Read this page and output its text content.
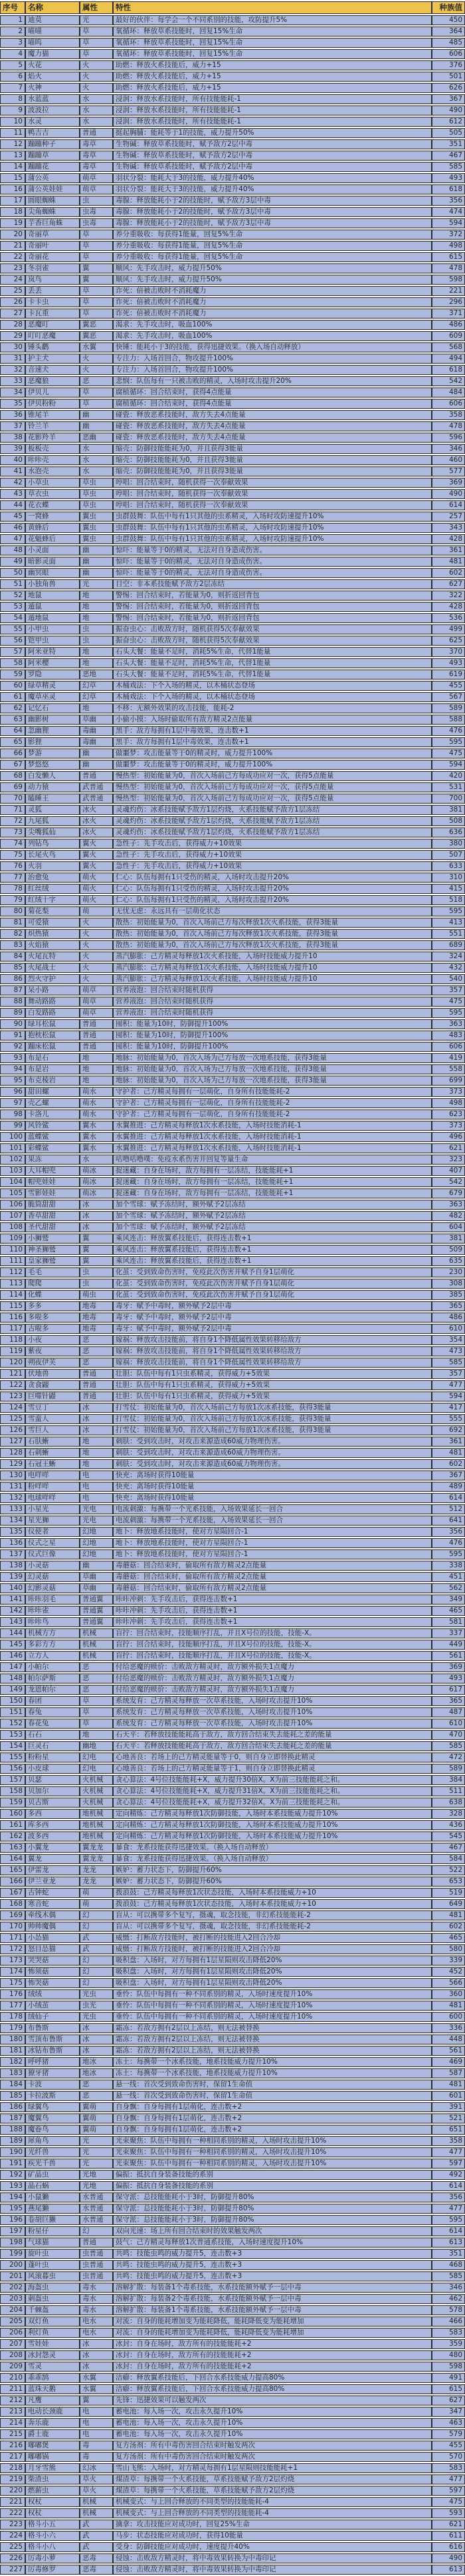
序号	名称	属性	特性	种族值
1	迪莫	光	最好的伙伴：每学会一个不同系别的技能，攻防提升5%	450
2	喵喵	草	氧循环：释放草系技能时，回复15%生命	364
3	喵呜	草	氧循环：释放草系技能时，回复15%生命	485
4	魔力猫	草	氧循环：释放草系技能时，回复15%生命	606
5	火花	火	助燃：释放火系技能后，威力+15	376
6	焰火	火	助燃：释放火系技能后，威力+15	501
7	火神	火	助燃：释放火系技能后，威力+15	626
8	水蓝蓝	水	浸润：释放水系技能时，所有技能能耗-1	367
9	波波拉	水	浸润：释放水系技能时，所有技能能耗-1	490
10	水灵	水	浸润：释放水系技能时，所有技能能耗-1	612
11	鸭吉吉	普通	挺起胸脯：能耗等于1的技能，威力提升50%	505
12	蹦蹦种子	毒草	生物碱：释放草系技能时，赋予敌方2层中毒	351
13	蹦蹦草	毒草	生物碱：释放草系技能时，赋予敌方2层中毒	467
14	蹦蹦花	毒草	生物碱：释放草系技能时，赋予敌方2层中毒	585
15	蒲公英	萌草	羽状分裂：能耗大于3的技能，威力提升40%	493
16	蒲公英娃娃	萌草	羽状分裂：能耗大于3的技能，威力提升40%	618
17	圆眼蜘蛛	虫	毒腺：释放能耗小于2的技能时，赋予敌方3层中毒	356
18	尖角蜘蛛	虫毒	毒腺：释放能耗小于2的技能时，赋予敌方3层中毒	474
19	芋香巨角蛛	虫毒	毒腺：释放能耗小于2的技能时，赋予敌方3层中毒	594
20	奇丽草	草	养分重吸收：每获得1能量，回复5%生命	372
21	奇丽叶	草	养分重吸收：每获得1能量，回复5%生命	498
22	奇丽花	草	养分重吸收：每获得1能量，回复5%生命	615
23	冬羽雀	翼	顺风：先手攻击时，威力提升50%	478
24	岚鸟	翼	顺风：先手攻击时，威力提升50%	598
25	丢丢	草	诈死：倍被击败时不消耗魔力	221
26	卡卡虫	草	诈死：倍被击败时不消耗魔力	296
27	卡瓦重	草	诈死：倍被击败时不消耗魔力	371
28	恶魔叮	翼恶	渴求：先手攻击时，吸血100%	486
29	叮叮恶魔	翼恶	渴求：先手攻击时，吸血100%	609
30	锤头鹳	水翼	快锤：能耗小于3的技能，获得迅捷效果。（换入场自动释放）	568
31	护主犬	火	专注力：入场首回合，物攻提升100%	494
32	音速犬	火	专注力：入场首回合，物攻提升100%	618
33	恶魔狼	恶	悲悯：队伍每有一只被击败的精灵，入场时攻击提升20%	542
34	伊贝儿	草	腐植循环：回合结束时，获得4点能量	484
35	伊贝粉粉	草	腐植循环：回合结束时，获得4点能量	606
36	锥尾羊	幽	碰瓷：释放恶系技能时，敌方失去4点能量	358
37	铃兰羊	幽	碰瓷：释放恶系技能时，敌方失去4点能量	478
38	花影羚羊	恶幽	碰瓷：释放恶系技能时，敌方失去4点能量	596
39	板板壳	水	缩壳：防御技能能耗为0，并且获得3能量	346
40	咔咔壳	水	缩壳：防御技能能耗为0，并且获得3能量	460
41	水泡壳	水	缩壳：防御技能能耗为0，并且获得3能量	577
42	小草虫	草虫	哼唱：回合结束时，随机获得一次奉献效果	369
43	草衣虫	草虫	哼唱：回合结束时，随机获得一次奉献效果	490
44	花衣蝶	草虫	哼唱：回合结束时，随机获得一次奉献效果	614
45	一窝蜂	翼虫	虫群鼓舞：队伍中每有1只其他的虫系精灵，入场时攻防速提升10%	257
46	黄蜂后	翼虫	虫群鼓舞：队伍中每有1只其他的虫系精灵，入场时攻防速提升10%	343
47	花魁蜂后	翼虫	虫群鼓舞：队伍中每有1只其他的虫系精灵，入场时攻防速提升10%	428
48	小灵面	幽	惊吓：能量等于0的精灵，无法对自身造成伤害。	361
49	暗影灵面	幽	惊吓：能量等于0的精灵，无法对自身造成伤害。	481
50	幽冥眼	幽	惊吓：能量等于0的精灵，无法对自身造成伤害。	602
51	小独角兽	光	目空：非本系技能赋予敌方2层冻结	627
52	地鼠	地	警惕：回合结束时，若能量为0，则折返回背包	322
53	遁鼠	地	警惕：回合结束时，若能量为0，则折返回背包	428
54	遁地鼠	地	警惕：回合结束时，若能量为0，则折返回背包	536
55	小甲虫	虫	振奋虫心：击败敌方时，随机获得5次奉献效果	499
56	铠甲虫	虫	振奋虫心：击败敌方时，随机获得5次奉献效果	625
57	阿米亚特	地	石头大餐：能量不足时，消耗5%生命，代替1能量	370
58	阿米樱	地	石头大餐：能量不足时，消耗5%生命，代替1能量	493
59	罗隐	恶地	石头大餐：能量不足时，消耗5%生命，代替1能量	619
60	绿草精灵	幻草	木桶戏法：下个入场的精灵，以木桶状态登场	455
61	魔草巫灵	幻草	木桶戏法：下个入场的精灵，以木桶状态登场	567
62	记忆石	地	不移：无额外效果的攻击技能，能耗-2	589
63	幽影树	草幽	小偷小摸：入场时偷取所有敌方精灵2点能量	588
64	忽幽狸	毒幽	黑手：敌方每拥有1层中毒效果，连击数+1	476
65	影狸	毒幽	黑手：敌方每拥有1层中毒效果，连击数+1	595
66	梦游	幽	做噩梦：攻击能量等于0的精灵时，威力提升100%	475
67	梦悠悠	幽	做噩梦：攻击能量等于0的精灵时，威力提升100%	594
68	白发懒人	普通	慢热型：初始能量为0，首次入场前己方每成功应对一次，获得5点能量	420
69	动力猿	武普通	慢热型：初始能量为0，首次入场前己方每成功应对一次，获得5点能量	531
70	瞌睡王	武普通	慢热型：初始能量为0，首次入场前己方每成功应对一次，获得5点能量	700
71	灵狐	冰火	灵魂灼伤：冰系技能赋予敌方1层灼烧，火系技能赋予敌方1层冻结	381
72	九尾狐	冰火	灵魂灼伤：冰系技能赋予敌方1层灼烧，火系技能赋予敌方1层冻结	508
73	尖嘴狐仙	冰火	灵魂灼伤：冰系技能赋予敌方1层灼烧，火系技能赋予敌方1层冻结	636
74	列钻鸟	翼火	急性子：先手攻击后，获得威力+10效果	380
75	长尾火鸟	翼火	急性子：先手攻击后，获得威力+10效果	507
76	火羽	翼火	急性子：先手攻击后，获得威力+10效果	633
77	治愈兔	萌火	仁心：队伍每拥有1只受伤的精灵，入场时攻击提升20%	310
78	红丝绒	萌火	仁心：队伍每拥有1只受伤的精灵，入场时攻击提升20%	415
79	红绒十字	萌火	仁心：队伍每拥有1只受伤的精灵，入场时攻击提升20%	518
80	菊花梨	萌	无忧无虑：永远具有一层萌化状态	595
81	可爱猿	火	散热：初始能量为0，首次入场前己方每次释放1次火系技能，获得3能量	413
82	炽热猿	火	散热：初始能量为0，首次入场前己方每次释放1次火系技能，获得3能量	551
83	火焰猿	火	散热：初始能量为0，首次入场前己方每次释放1次火系技能，获得3能量	689
84	火尾瓦特	火	蒸汽膨胀：己方精灵每释放1次火系技能，入场时技能威力提升10	324
85	火尾战士	火	蒸汽膨胀：己方精灵每释放1次火系技能，入场时技能威力提升10	432
86	烈火守护	火	蒸汽膨胀：己方精灵每释放1次火系技能，入场时技能威力提升10	540
87	呆小路	萌草	营养液泡：回合结束时随机获得	357
88	舞动路路	萌草	营养液泡：回合结束时随机获得	475
89	白发路路	萌草	营养液泡：回合结束时随机获得	595
90	绿耳松鼠	普通	囤积：能量为10时，防御提升100%	363
91	抱枕松鼠	普通	囤积：能量为10时，防御提升100%	483
92	蹦床松鼠	普通	囤积：能量为10时，防御提升100%	606
93	布是石	地	地脉：初始能量为0，首次入场为己方每放一次地系技能，获得3能量	419
94	布是岩	地	地脉：初始能量为0，首次入场为己方每放一次地系技能，获得3能量	558
95	布克棱岩	地	地脉：初始能量为0，首次入场为己方每放一次地系技能，获得3能量	699
96	甜田螺	萌水	守护者：己方精灵每拥有一层萌化，自身所有技能能耗-2	373
97	壳乙螺	萌水	守护者：己方精灵每拥有一层萌化，自身所有技能能耗-2	498
98	卡洛儿	萌水	守护者：己方精灵每拥有一层萌化，自身所有技能能耗-2	623
99	风铃鲨	翼水	水翼推进：己方精灵每释放1次水系技能，入场时技能消耗-1	373
100	蓝蝶鲨	翼水	水翼推进：己方精灵每释放1次水系技能，入场时技能消耗-1	496
101	彩蝶鲨	翼水	水翼推进：己方精灵每释放1次水系技能，入场时技能消耗-1	621
102	果冻	水	咕噜咕噜噗：免疫水系伤害并回复等量生命	323
103	大耳帽兜	萌冰	捉迷藏：自身在场时，敌方每拥有一层冻结，技能能耗+1	407
104	帽兜娃娃	萌冰	捉迷藏：自身在场时，敌方每拥有一层冻结，技能能耗+1	542
105	雪影娃娃	萌冰	捉迷藏：自身在场时，敌方每拥有一层冻结，技能能耗+1	679
106	脆筒甜甜	冰	加个雪球：赋予冻结时，额外赋予2层冻结	363
107	香草甜甜	冰	加个雪球：赋予冻结时，额外赋予2层冻结	482
108	圣代甜甜	冰	加个雪球：赋予冻结时，额外赋予2层冻结	604
109	小狮鹫	翼	乘风连击：释放翼系技能后，获得连击数+1	381
110	神圣狮鹫	翼	乘风连击：释放翼系技能后，获得连击数+1	509
111	皇家狮鹫	翼	乘风连击：释放翼系技能后，获得连击数+1	635
112	毛毛	虫	化茧：受到致命伤害时，免疫此次伤害并赋予自身1层萌化	230
113	爬爬	虫	化茧：受到致命伤害时，免疫此次伤害并赋予自身1层萌化	308
114	化蝶	萌虫	化茧：受到致命伤害时，免疫此次伤害并赋予自身1层萌化	385
115	多多	地毒	毒牙：赋予中毒时，额外赋予2层中毒	365
116	多啦多	地毒	毒牙：赋予中毒时，额外赋予2层中毒	486
117	古啦多	地毒	毒牙：赋予中毒时，额外赋予2层中毒	610
118	小夜	恶	嫁祸：释放攻击技能前，将自身1个降低属性效果转移给敌方	354
119	紫夜	恶	嫁祸：释放攻击技能前，将自身1个降低属性效果转移给敌方	473
120	朔夜伊芙	恶	嫁祸：释放攻击技能前，将自身1个降低属性效果转移给敌方	585
121	伏地兽	普通	壮胆：队伍中每有1只虫系精灵，获得威力+5效果	357
122	贪食鼹	普通	壮胆：队伍中每有1只虫系精灵，获得威力+5效果	477
123	巨噬针鼹	普通	壮胆：队伍中每有1只虫系精灵，获得威力+5效果	594
124	雪豆丁	冰	打雪仗：初始能量为0，首次入场前己方每放1次冰系技能，获得3能量	417
125	雪蛮人	冰	打雪仗：初始能量为0，首次入场前己方每放1次冰系技能，获得3能量	555
126	雪巨人	冰	打雪仗：初始能量为0，首次入场前己方每放1次冰系技能，获得3能量	692
127	石肤蜥	地	刺肤：受到攻击时，对攻击来源造成60威力物理伤害。	361
128	石刺蜥	地	刺肤：受到攻击时，对攻击来源造成60威力物理伤害。	481
129	石冠王蜥	地	刺肤：受到攻击时，对攻击来源造成60威力物理伤害。	602
130	电咩咩	电	快充：离场时获得10能量	367
131	粉咩咩	电	快充：离场时获得10能量	489
132	电球咩咩	电	快充：离场时获得10能量	614
133	小星光	光电	电流刺激：每携带一个光系技能，入场效果延长一回合	512
134	星光狮	光电	电流刺激：每携带一个光系技能，入场效果延长一回合	641
135	仪使者	幻地	地卜：释放地系技能时，使对方星陨回合-1	356
136	仪式之星	幻地	地卜：释放地系技能时，使对方星陨回合-1	476
137	仪式巨像	幻地	地卜：释放地系技能时，使对方星陨回合-1	595
138	小灵菇	幽	毒蘑菇：回合结束时，偷取所有敌方精灵2点能量	338
139	幻灵菇	草幽	毒蘑菇：回合结束时，偷取所有敌方精灵2点能量	451
140	幻影灵菇	草幽	毒蘑菇：回合结束时，偷取所有敌方精灵2点能量	562
141	咔咔羽毛	普通翼	咔咔冲刺：先手攻击后，获得连击数+1	349
142	咔咔雀	普通翼	咔咔冲刺：先手攻击后，获得连击数+1	465
143	咔咔鸟	普通翼	咔咔冲刺：先手攻击后，获得连击数+1	581
144	机械方方	机械	盲拧：回合结束时，技能顺序打乱，并且X号位的技能，技能-X。	337
145	多彩方方	机械	盲拧：回合结束时，技能顺序打乱，并且X号位的技能，技能-X。	449
146	立方人	机械	盲拧：回合结束时，技能顺序打乱，并且X号位的技能，技能-X。	561
147	小帕尔	恶	付给恶魔的赎价：击败敌方精灵时，敌方额外损失1点魔力	369
148	帕尔萨斯	恶	付给恶魔的赎价：击败敌方精灵时，敌方额外损失1点魔力	493
149	龙恩帕尔	恶	付给恶魔的赎价：击败敌方精灵时，敌方额外损失1点魔力	617
150	春团	草	系统发育：己方精灵每释放一次草系技能，入场时攻击提升10%	365
151	春兔	草	系统发育：己方精灵每释放一次草系技能，入场时攻击提升10%	487
152	春花兔	草	系统发育：己方精灵每释放一次草系技能，入场时攻击提升10%	610
153	石石	地	石天平：若释放技能能耗高于敌方，敌方回合结束失去能耗之差的能量	470
154	巨灵石	幽地	石天平：若释放技能能耗高于敌方，敌方回合结束失去能耗之差的能量	585
155	粉粉星	幻电	心地善良：若场上的己方精灵能量等于0，则自身立即替换此精灵	472
156	小皮球	幻电	心地善良：若场上的己方精灵能量等于1，则自身立即替换此精灵	589
157	贝瑟	火机械	贪心算法：4号位技能能耗+X，威力提升30倍X。X为前三技能能耗之和。	384
158	贝加尔	火机械	贪心算法：4号位技能能耗+X，威力提升31倍X。X为前三技能能耗之和。	511
159	贝古斯	火机械	贪心算法：4号位技能能耗+X，威力提升32倍X。X为前三技能能耗之和。	638
160	多西	地机械	定向精炼：己方精灵每释放1次防御技能，入场时本系技能威力提升10%	328
161	库多西	地机械	定向精炼：己方精灵每释放1次防御技能，入场时本系技能威力提升10%	436
162	波多西	地机械	定向精炼：己方精灵每释放1次防御技能，入场时本系技能威力提升10%	545
163	小翼龙	翼龙龙	暴食：龙系技能获得迅捷效果。（换入场自动释放）	467
164	翼龙	翼龙龙	暴食：龙系技能获得迅捷效果。（换入场自动释放）	584
165	伊雷龙	龙龙	嫉妒：蓄力状态下，防御提升60%	522
166	伊兰亚龙	龙龙	嫉妒：蓄力状态下，防御提升60%	653
167	古钟蛇	萌	拨浪鼓：己方精灵每释放1次状态技能，入场时本系技能威力+10	519
168	寒音蛇	萌	拨浪鼓：己方精灵每释放1次状态技能，入场时本系技能威力+10	649
169	牵线木偶	幻	盲从：可以携带多个复写，摄魂，取念技能，非幻系技能能耗-2	481
170	帅帅魔偶	幻	盲从：可以携带多个复写，摄魂，取念技能，非幻系技能能耗-2	602
171	小怂猫	武	威慑：打断敌方技能时，被打断的技能进入2回合冷却	465
172	怒目怂猫	武	威慑：打断敌方技能时，被打断的技能进入2回合冷却	580
173	哭哭菇	幻	吸积盘：入场时，对方每拥有1层星陨则攻击降低20%	339
174	怖须菇	幻	吸积盘：入场时，对方每拥有1层星陨则攻击降低20%	452
175	怖哭菇	幻	吸积盘：入场时，对方每拥有1层星陨则攻击降低20%	566
176	绒绒	光虫	垂怜：队伍中每拥有一种不同系别的精灵，入场时速度提升10%	360
177	小绒茧	虫光	垂怜：队伍中每拥有一种不同系别的精灵，入场时速度提升10%	481
178	绒仙子	光虫	垂怜：队伍中每拥有一种不同系别的精灵，入场时速度提升10%	600
179	布鲁斯	冰	霜冻：若敌方拥有2层以上冻结，则无法被替换	336
180	雪顶布鲁斯	冰	霜冻：若敌方拥有2层以上冻结，则无法被替换	448
181	冰钻布鲁斯	冰	霜冻：若敌方拥有2层以上冻结，则无法被替换	561
182	呼呼猪	地冰	冻土：每携带一个冰系技能，地系技能威力提升10%	469
183	獠牙猪	地冰	冻土：每携带一个冰系技能，地系技能威力提升10%	587
184	卡波	恶	悬一线：首次受到致命伤害时，保留1生命值	481
185	卡拉波斯	恶	悬一线：首次受到致命伤害时，保留1生命值	601
186	绿翼鸟	翼萌	自身飘：自身每拥有1层萌化，连击数+2	391
187	魔翼鸟	翼萌	自身飘：自身每拥有1层萌化，连击数+2	521
188	魔眷鸟	翼萌	自身飘：自身每拥有1层萌化，连击数+2	651
189	犀角鸟	光	光束聚焦：队伍中每拥有一种相同系别的精灵，入场时攻击提升10%	358
190	光纤兽	光	光束聚焦：队伍中每拥有一种相同系别的精灵，入场时攻击提升10%	477
191	疾光千兽	光	光束聚焦：队伍中每拥有一种相同系别的精灵，入场时攻击提升10%	597
192	矿晶虫	光地	偏振：抵抗自身装备技能的系别	492
193	晶石蜗	光地	偏振：抵抗自身装备技能的系别	614
194	小鼠獭	水普通	保守派：总技能能耗小于3时，防御提升80%	356
195	燕尾獭	水普通	保守派：总技能能耗小于3时，防御提升80%	477
196	卷胡巨獭	水普通	保守派：总技能能耗小于3时，防御提升80%	595
197	粉星仔	幻	双向光速：场上所有回合结束时的效果触发两次	614
198	气球猫	普通	鼓气：己方精灵每释放1次普通系技能，入场时速度提升10%	613
199	旋叶虫	虫普通	共鸣：技能虫鸣的威力提升5，连击数+3	351
200	蓬叶虫	虫普通	共鸣：技能虫鸣的威力提升5，连击数+3	468
201	风滚暮虫	虫普通	共鸣：技能虫鸣的威力提升5，连击数+3	585
202	海盔虫	毒水	溶解扩散：每装备1个毒系技能，水系技能额外赋予一层中毒	346
203	刺盔虫	毒水	溶解扩散：每装备2个毒系技能，水系技能额外赋予一层中毒	462
204	千棘盔	毒水	溶解扩散：每装备1个毒系技能，水系技能额外赋予一层中毒	578
205	双灯鱼	电水	对流：自身的能耗增加变为能耗降低，能耗降低变为能耗增加	466
206	利灯鱼	电水	对流：自身的能耗增加变为能耗降低，能耗降低变为能耗增加	583
207	雪娃娃	冰	冰封：自身在场时，敌方所有的技能能耗+2	359
208	冰封怨灵	冰	冰封：自身在场时，敌方所有的技能能耗+2	480
209	雪灵	冰	冰封：自身在场时，敌方所有的技能能耗+2	598
210	乖乖鹄	水翼	洁癖：释放翼系技能后，下回合水系技能威力提高80%	491
211	蓝珠天鹅	水翼	洁癖：释放翼系技能后，下回合水系技能威力提高80%	615
212	凡鹰	翼	先锋：迅捷效果可以触发两次	627
213	电动长颈鹿	电	蓄电池：每入场一次，攻击永久提升10%	347
214	奔乐鹿	电	蓄电池：每入场一次，攻击永久提升10%	463
215	爵士鹿	电	蓄电池：每入场一次，攻击永久提升10%	579
216	嘟嘟煲	毒	复方汤剂：所有中毒伤害回合结束时触发两次	455
217	嘟嘟锅	毒	复方汤剂：所有中毒伤害回合结束时触发两次	570
218	月牙雪熊	幻冰	雪山飞熊：入场时，对方精灵每拥有1层星陨则技能能耗+1	583
219	柴渣虫	草火	煤渣草：每携带一个火系技能，草系技能赋予敌方2层灼烧	477
220	燃薪虫	草火	煤渣草：每携带一个火系技能，草系技能赋予敌方2层灼烧	597
221	权杖	机械	机械变式：与上回合释放的不同类型的技能能耗-4	475
222	权杖	机械	机械变式：与上回合释放的不同类型的技能能耗-4	593
223	格斗小五	武	擒拿：攻击技能应对成功时，回复25%生命	621
224	格斗小六	武	马步：状态技能应对成功时，获得10能量	611
225	格斗小八	武	受身：防御技能应对成功时，速度提升40%	616
226	厉毒小萝	恶毒	侵蚀：击败敌方精灵时，将中毒效果转换为中毒印记	490
227	厉毒修罗	恶毒	侵蚀：击败敌方精灵时，将中毒效果转换为中毒印记	613
